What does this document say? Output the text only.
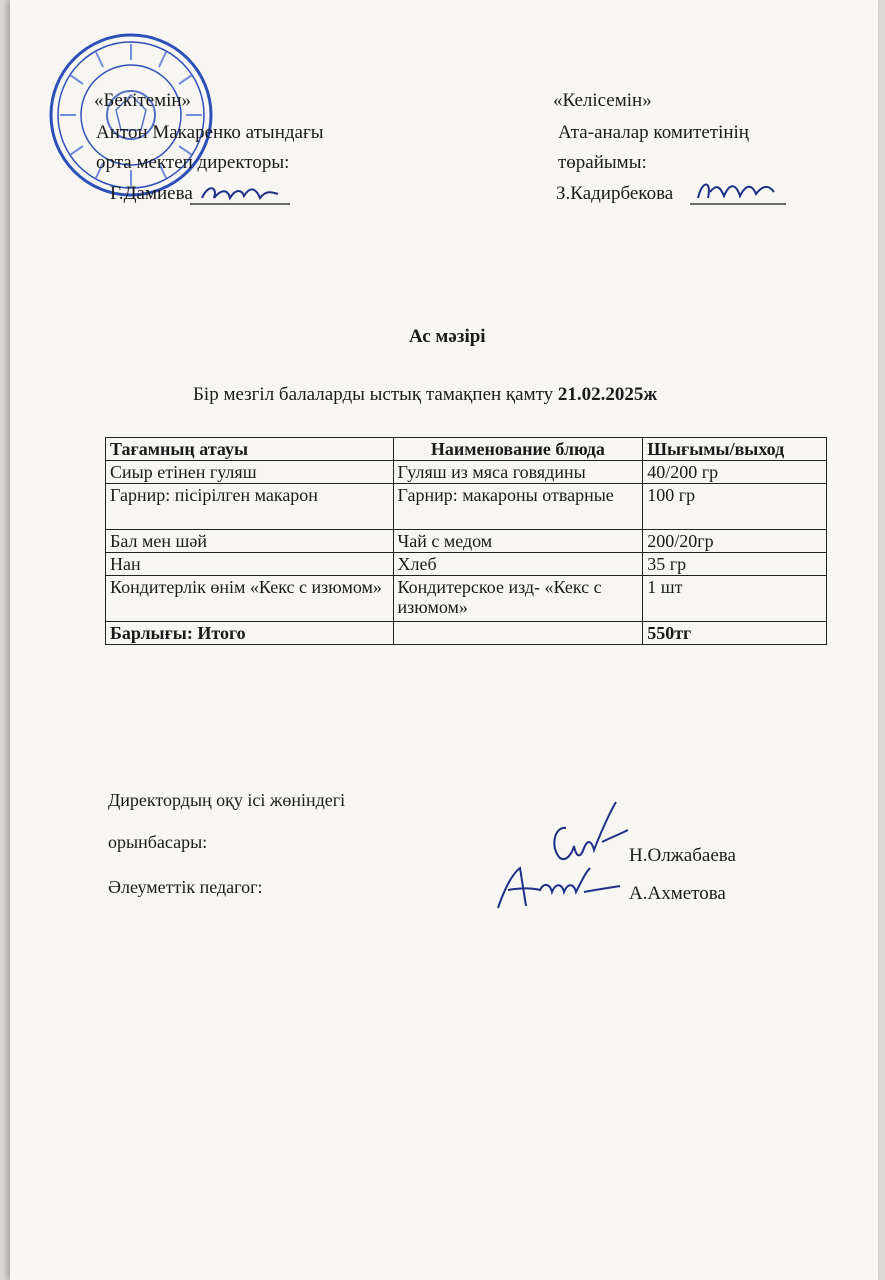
«Бекітемін»
Антон Макаренко атындағы
орта мектеп директоры:
Г.Дамиева
«Келісемін»
Ата-аналар комитетінің
төрайымы:
З.Кадирбекова
Ас мәзірі
Бір мезгіл балаларды ыстық тамақпен қамту 21.02.2025ж
Тағамның атауы	Наименование блюда	Шығымы/выход
Сиыр етінен гуляш	Гуляш из мяса говядины	40/200 гр
Гарнир: пісірілген макарон	Гарнир: макароны отварные	100 гр
Бал мен шәй	Чай с медом	200/20гр
Нан	Хлеб	35 гр
Кондитерлік өнім «Кекс с изюмом»	Кондитерское изд- «Кекс с изюмом»	1 шт
Барлығы: Итого		550тг
Директордың оқу ісі жөніндегі
орынбасары:
Н.Олжабаева
Әлеуметтік педагог:	А.Ахметова
